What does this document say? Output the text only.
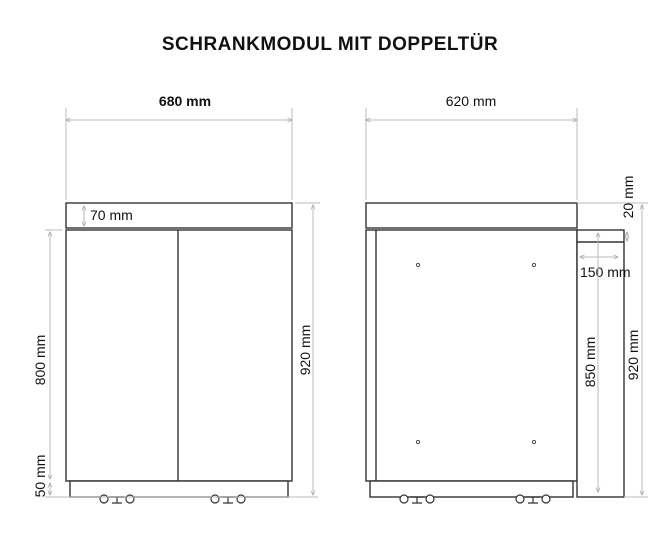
SCHRANKMODUL MIT DOPPELTÜR
680 mm
70 mm
800 mm
50 mm
920 mm
620 mm
150 mm
850 mm
20 mm
920 mm
